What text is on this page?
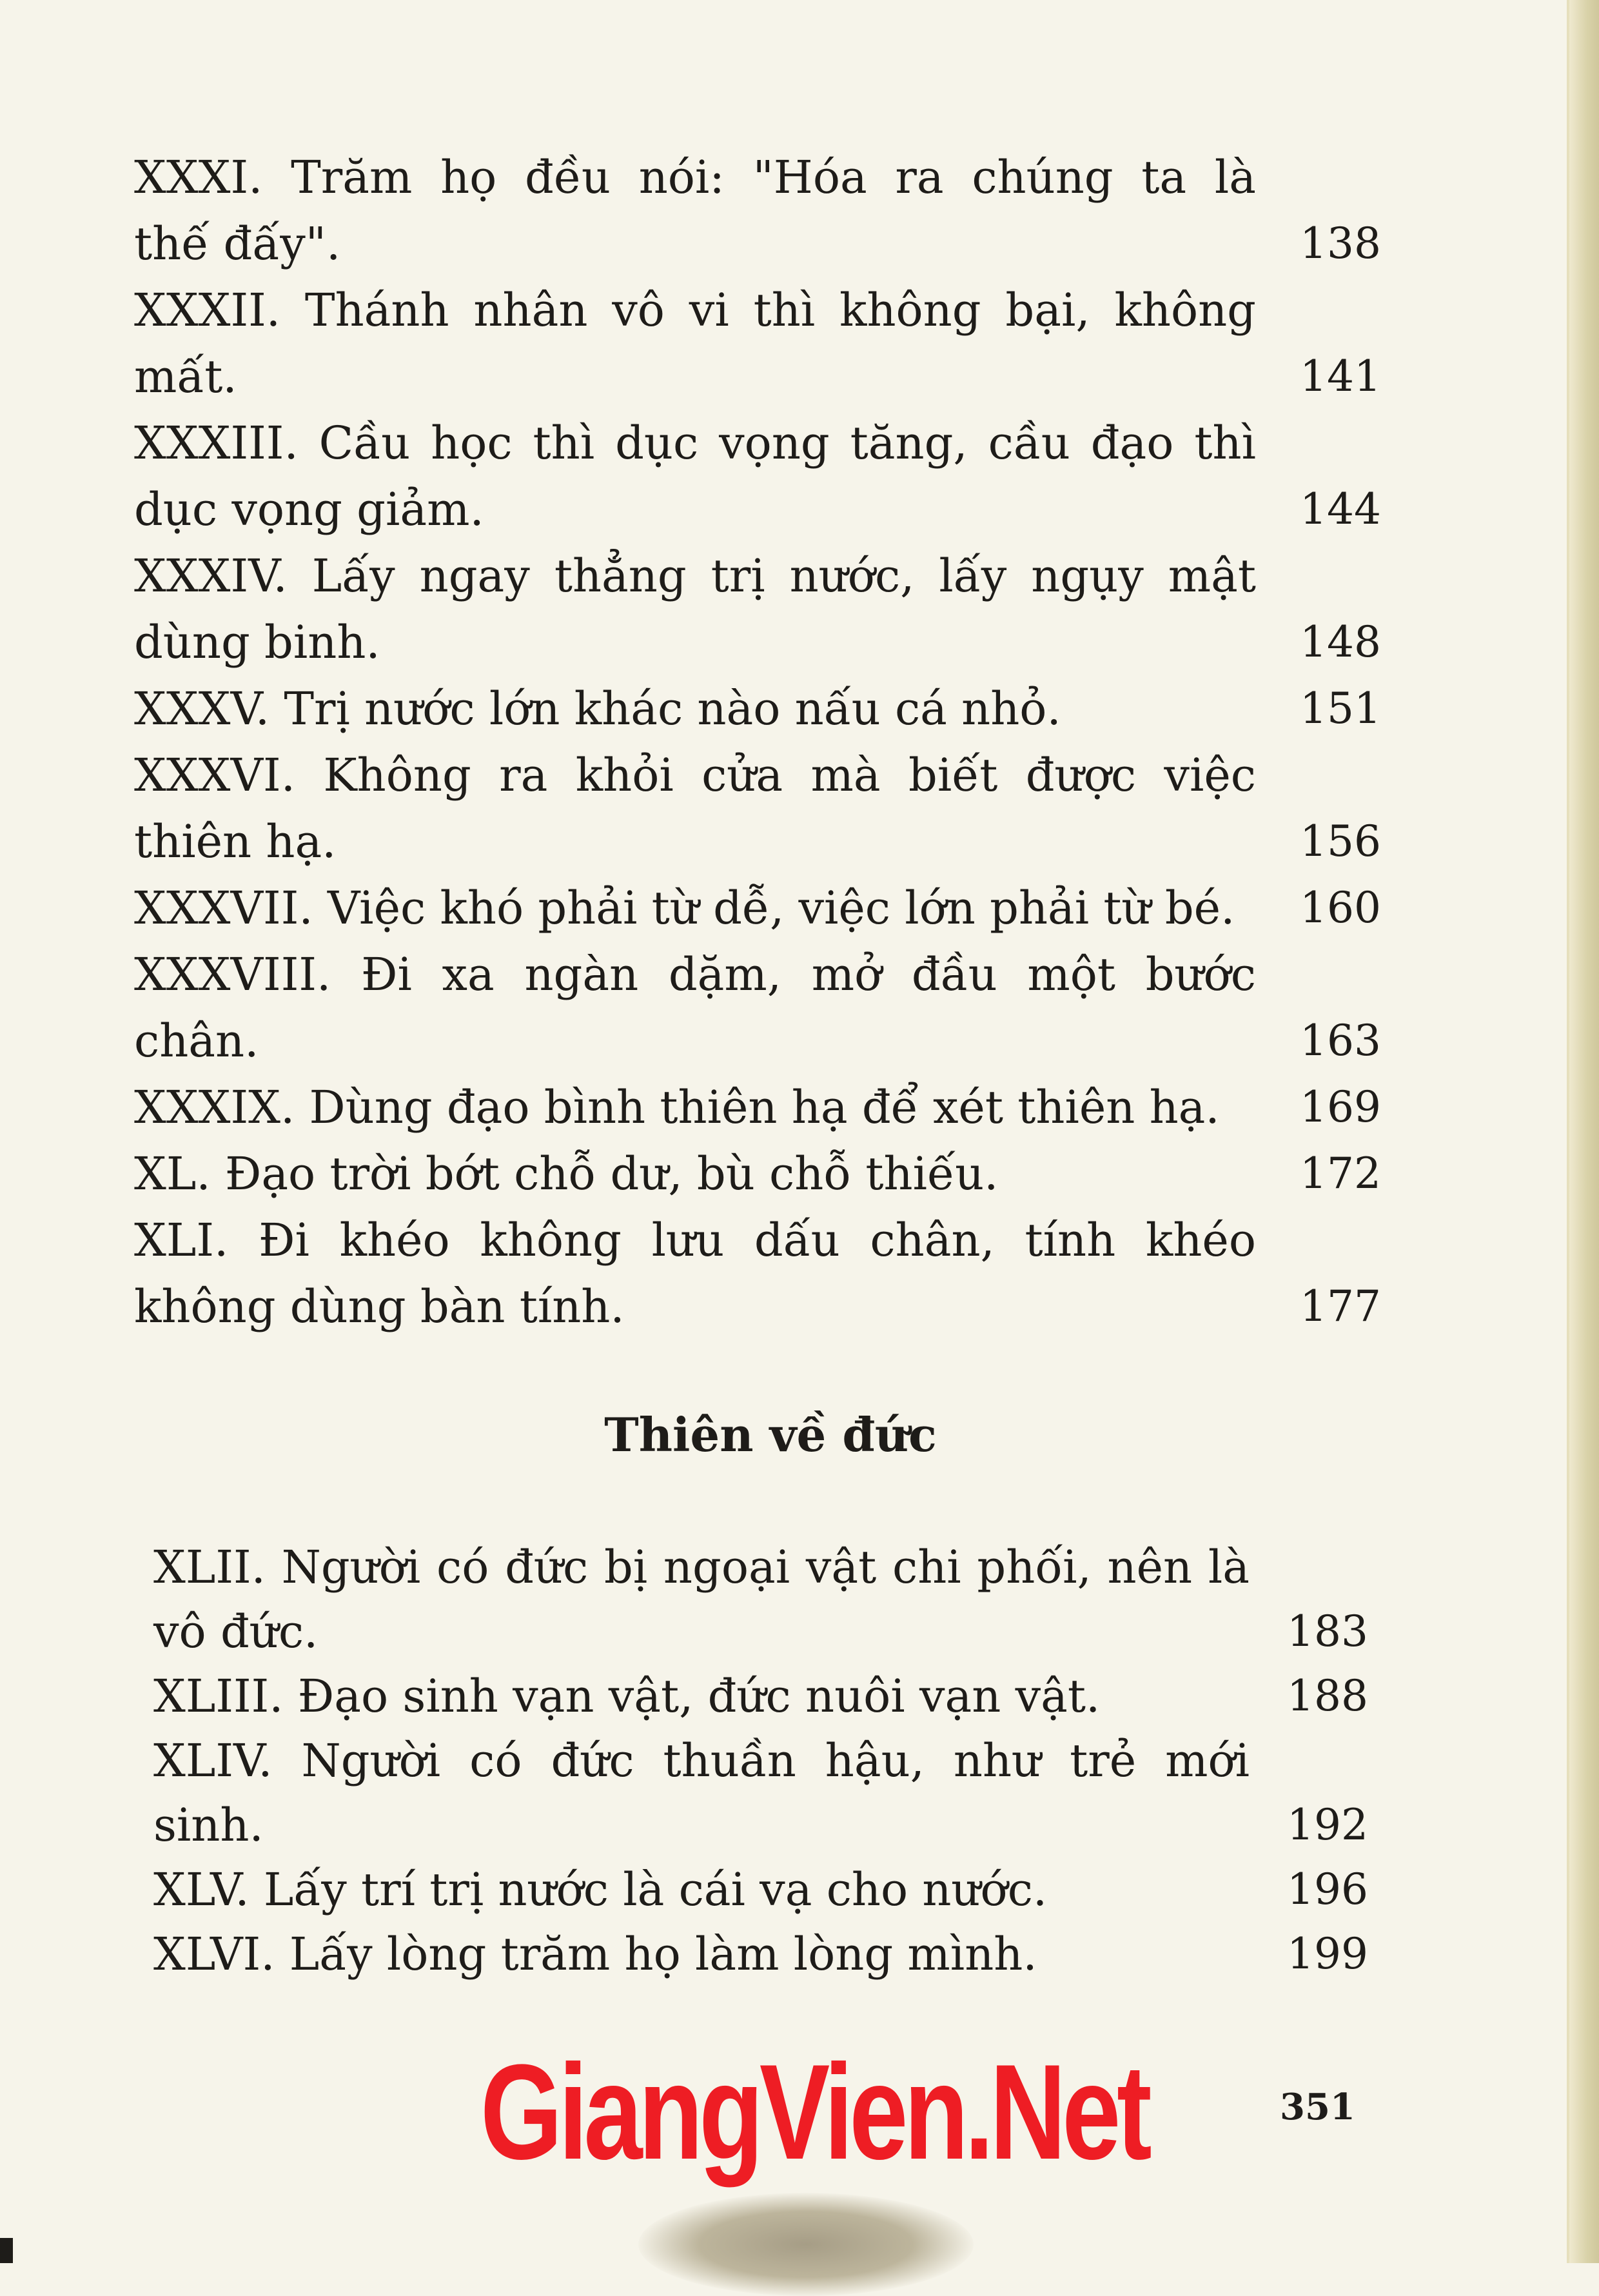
Thiên về đức
XXXI. Trăm họ đều nói: "Hóa ra chúng ta là
thế đấy".	138
XXXII. Thánh nhân vô vi thì không bại, không
mất.	141
XXXIII. Cầu học thì dục vọng tăng, cầu đạo thì
dục vọng giảm.	144
XXXIV. Lấy ngay thẳng trị nước, lấy ngụy mật
dùng binh.	148
XXXV. Trị nước lớn khác nào nấu cá nhỏ.	151
XXXVI. Không ra khỏi cửa mà biết được việc
thiên hạ.	156
XXXVII. Việc khó phải từ dễ, việc lớn phải từ bé.	160
XXXVIII. Đi xa ngàn dặm, mở đầu một bước
chân.	163
XXXIX. Dùng đạo bình thiên hạ để xét thiên hạ.	169
XL. Đạo trời bớt chỗ dư, bù chỗ thiếu.	172
XLI. Đi khéo không lưu dấu chân, tính khéo
không dùng bàn tính.	177
XLII. Người có đức bị ngoại vật chi phối, nên là
vô đức.	183
XLIII. Đạo sinh vạn vật, đức nuôi vạn vật.	188
XLIV. Người có đức thuần hậu, như trẻ mới
sinh.	192
XLV. Lấy trí trị nước là cái vạ cho nước.	196
XLVI. Lấy lòng trăm họ làm lòng mình.	199
GiangVien.Net	351
